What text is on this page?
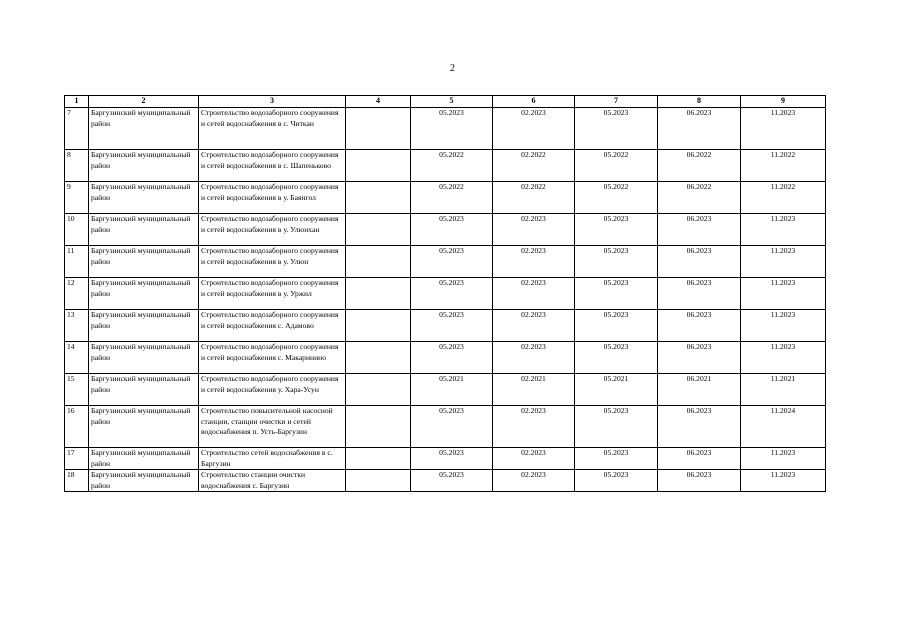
2
1	2	3	4	5	6	7	8	9
7	Баргузинский муниципальный район	Строительство водозаборного сооружения и сетей водоснабжения в с. Читкан		05.2023	02.2023	05.2023	06.2023	11.2023
8	Баргузинский муниципальный район	Строительство водозаборного сооружения и сетей водоснабжения в с. Шапеньково		05.2022	02.2022	05.2022	06.2022	11.2022
9	Баргузинский муниципальный район	Строительство водозаборного сооружения и сетей водоснабжения в у. Баянгол		05.2022	02.2022	05.2022	06.2022	11.2022
10	Баргузинский муниципальный район	Строительство водозаборного сооружения и сетей водоснабжения в у. Улюнхан		05.2023	02.2023	05.2023	06.2023	11.2023
11	Баргузинский муниципальный район	Строительство водозаборного сооружения и сетей водоснабжения в у. Улюн		05.2023	02.2023	05.2023	06.2023	11.2023
12	Баргузинский муниципальный район	Строительство водозаборного сооружения и сетей водоснабжения в у. Уржил		05.2023	02.2023	05.2023	06.2023	11.2023
13	Баргузинский муниципальный район	Строительство водозаборного сооружения и сетей водоснабжения с. Адамово		05.2023	02.2023	05.2023	06.2023	11.2023
14	Баргузинский муниципальный район	Строительство водозаборного сооружения и сетей водоснабжения с. Макаринино		05.2023	02.2023	05.2023	06.2023	11.2023
15	Баргузинский муниципальный район	Строительство водозаборного сооружения и сетей водоснабжения у. Хара-Усун		05.2021	02.2021	05.2021	06.2021	11.2021
16	Баргузинский муниципальный район	Строительство повысительной насосной станции, станции очистки и сетей водоснабжения п. Усть-Баргузин		05.2023	02.2023	05.2023	06.2023	11.2024
17	Баргузинский муниципальный район	Строительство сетей водоснабжения в с. Баргузин		05.2023	02.2023	05.2023	06.2023	11.2023
18	Баргузинский муниципальный район	Строительство станции очистки водоснабжения с. Баргузин		05.2023	02.2023	05.2023	06.2023	11.2023
